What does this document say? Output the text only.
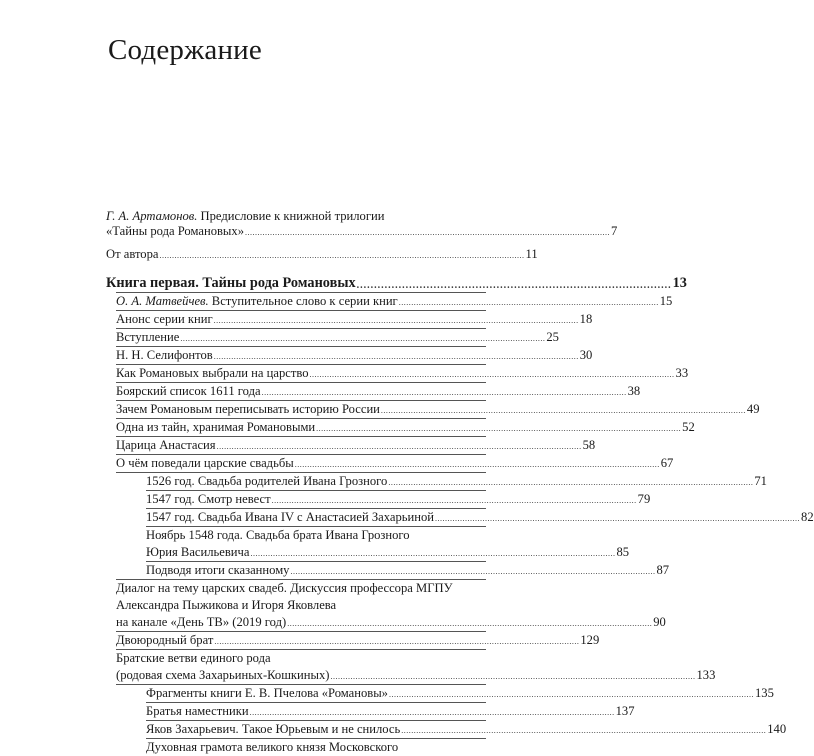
Содержание
Г. А. Артамонов. Предисловие к книжной трилогии
«Тайны рода Романовых» .................................................................................................................................................. 7
От автора .................................................................................................................................................. 11
Книга первая. Тайны рода Романовых .......................................................................................... 13
О. А. Матвейчев. Вступительное слово к серии книг ........................................................................................................ 15
Анонс серии книг .................................................................................................................................................. 18
Вступление .................................................................................................................................................. 25
Н. Н. Селифонтов .................................................................................................................................................. 30
Как Романовых выбрали на царство .................................................................................................................................................. 33
Боярский список 1611 года .................................................................................................................................................. 38
Зачем Романовым переписывать историю России .................................................................................................................................................. 49
Одна из тайн, хранимая Романовыми .................................................................................................................................................. 52
Царица Анастасия .................................................................................................................................................. 58
О чём поведали царские свадьбы .................................................................................................................................................. 67
1526 год. Свадьба родителей Ивана Грозного .................................................................................................................................................. 71
1547 год. Смотр невест .................................................................................................................................................. 79
1547 год. Свадьба Ивана IV с Анастасией Захарьиной .................................................................................................................................................. 82
Ноябрь 1548 года. Свадьба брата Ивана Грозного
Юрия Васильевича .................................................................................................................................................. 85
Подводя итоги сказанному .................................................................................................................................................. 87
Диалог на тему царских свадеб. Дискуссия профессора МГПУ
Александра Пыжикова и Игоря Яковлева
на канале «День ТВ» (2019 год) .................................................................................................................................................. 90
Двоюродный брат .................................................................................................................................................. 129
Братские ветви единого рода
(родовая схема Захарьиных-Кошкиных) .................................................................................................................................................. 133
Фрагменты книги Е. В. Пчелова «Романовы» .................................................................................................................................................. 135
Братья наместники .................................................................................................................................................. 137
Яков Захарьевич. Такое Юрьевым и не снилось .................................................................................................................................................. 140
Духовная грамота великого князя Московского
